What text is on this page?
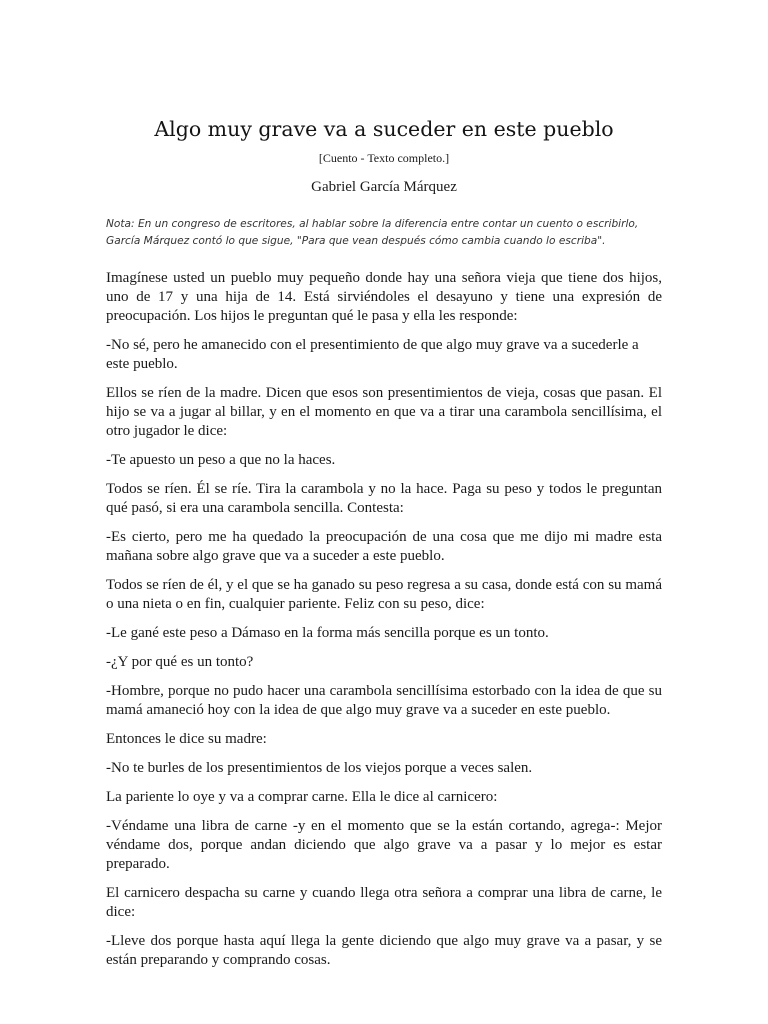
Algo muy grave va a suceder en este pueblo
[Cuento - Texto completo.]
Gabriel García Márquez
Nota: En un congreso de escritores, al hablar sobre la diferencia entre contar un cuento o escribirlo, García Márquez contó lo que sigue, "Para que vean después cómo cambia cuando lo escriba".

Imagínese usted un pueblo muy pequeño donde hay una señora vieja que tiene dos hijos, uno de 17 y una hija de 14. Está sirviéndoles el desayuno y tiene una expresión de preocupación. Los hijos le preguntan qué le pasa y ella les responde:

-No sé, pero he amanecido con el presentimiento de que algo muy grave va a sucederle a este pueblo.

Ellos se ríen de la madre. Dicen que esos son presentimientos de vieja, cosas que pasan. El hijo se va a jugar al billar, y en el momento en que va a tirar una carambola sencillísima, el otro jugador le dice:

-Te apuesto un peso a que no la haces.

Todos se ríen. Él se ríe. Tira la carambola y no la hace. Paga su peso y todos le preguntan qué pasó, si era una carambola sencilla. Contesta:

-Es cierto, pero me ha quedado la preocupación de una cosa que me dijo mi madre esta mañana sobre algo grave que va a suceder a este pueblo.

Todos se ríen de él, y el que se ha ganado su peso regresa a su casa, donde está con su mamá o una nieta o en fin, cualquier pariente. Feliz con su peso, dice:

-Le gané este peso a Dámaso en la forma más sencilla porque es un tonto.

-¿Y por qué es un tonto?

-Hombre, porque no pudo hacer una carambola sencillísima estorbado con la idea de que su mamá amaneció hoy con la idea de que algo muy grave va a suceder en este pueblo.

Entonces le dice su madre:

-No te burles de los presentimientos de los viejos porque a veces salen.

La pariente lo oye y va a comprar carne. Ella le dice al carnicero:

-Véndame una libra de carne -y en el momento que se la están cortando, agrega-: Mejor véndame dos, porque andan diciendo que algo grave va a pasar y lo mejor es estar preparado.

El carnicero despacha su carne y cuando llega otra señora a comprar una libra de carne, le dice:

-Lleve dos porque hasta aquí llega la gente diciendo que algo muy grave va a pasar, y se están preparando y comprando cosas.
